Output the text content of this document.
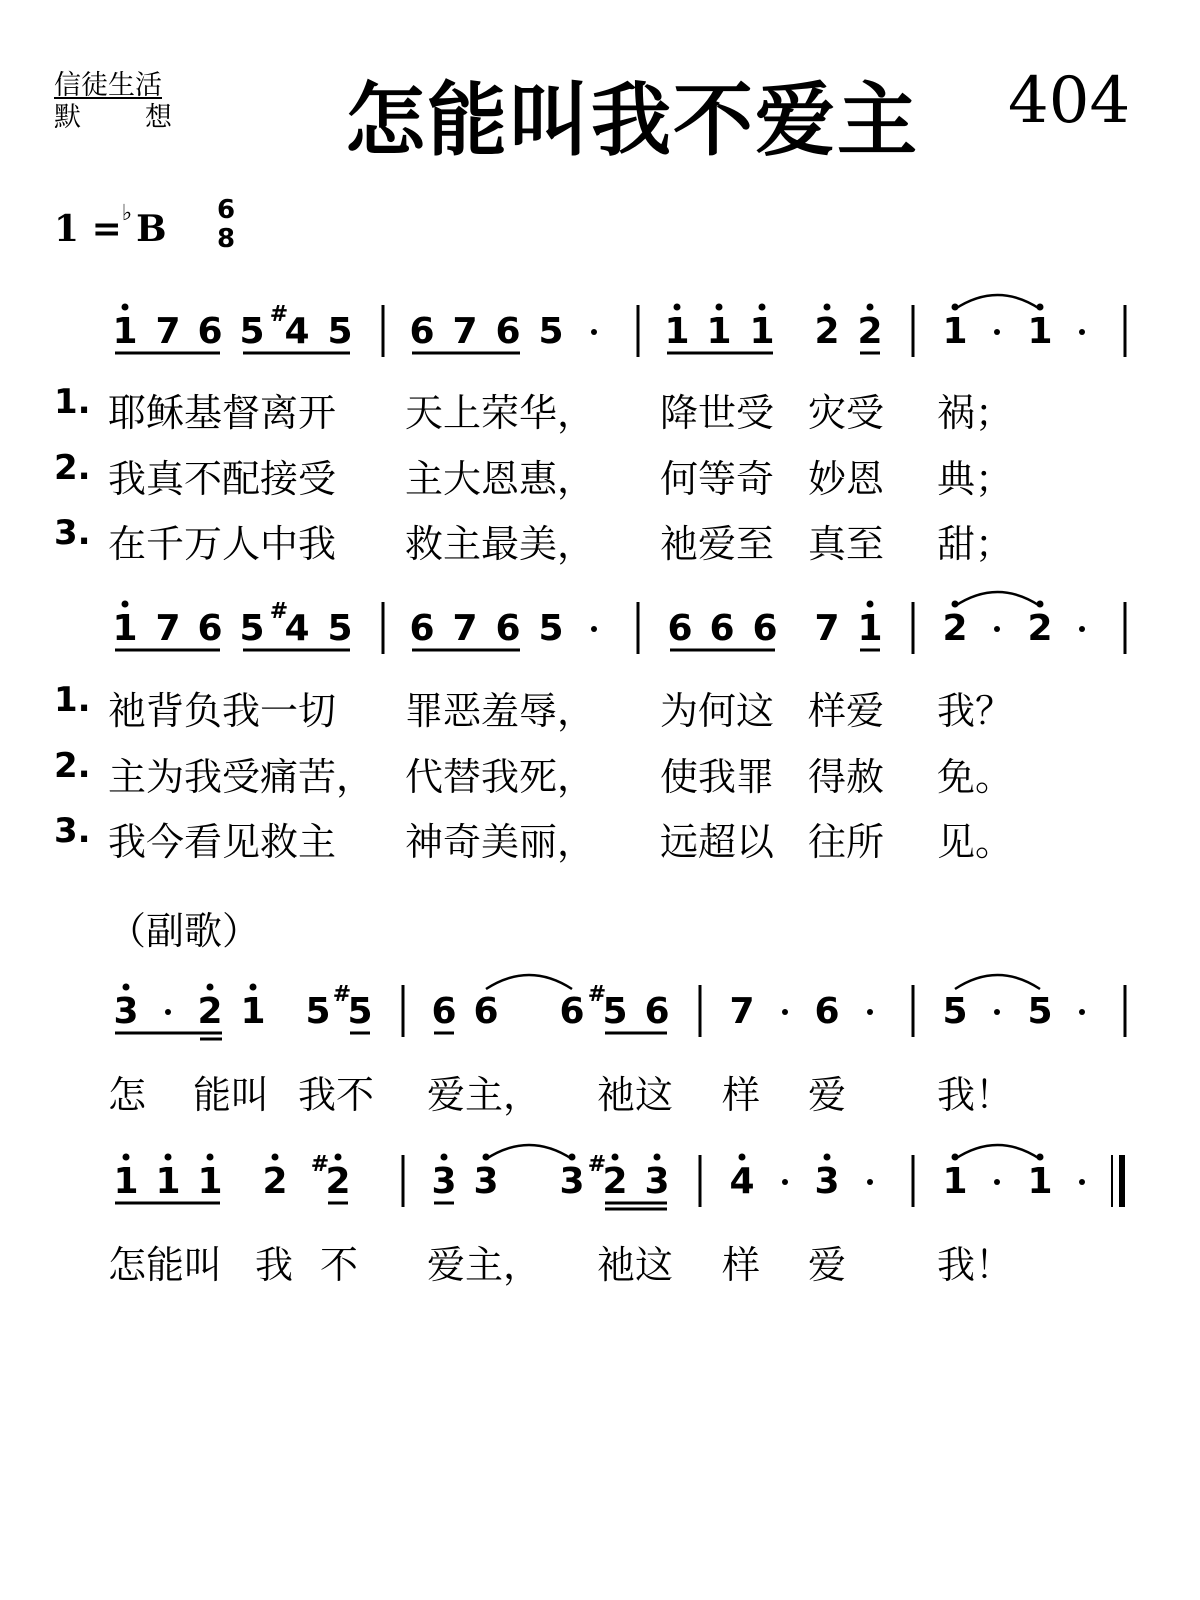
信徒生活
默 想 怎能叫我不爱主 404
1 =♭ B 6
8
1 7 6 5 4
# 5 6 7 6 5	1 1 1 2 2 1 1
1 7 6 5 4
# 5 6 7 6 5	6 6 6 7 1 2 2
3 2 1 5 5
# 6 6 6 5
# 6 7 6	5 5
1 1 1 2 2
#	3 3 3 2
# 3 4 3	1 1
1. 耶稣基督离开 天上荣华， 降世受 灾受 祸；
2. 我真不配接受 主大恩惠， 何等奇 妙恩 典；
3. 在千万人中我 救主最美， 祂爱至 真至 甜；
1. 祂背负我一切 罪恶羞辱， 为何这 样爱 我？
2. 主为我受痛苦， 代替我死， 使我罪 得赦 免。
3. 我今看见救主 神奇美丽， 远超以 往所 见。
（副歌）
怎 能叫 我不 爱主， 祂这 样 爱 我！
怎能叫 我 不 爱主， 祂这 样 爱 我！
